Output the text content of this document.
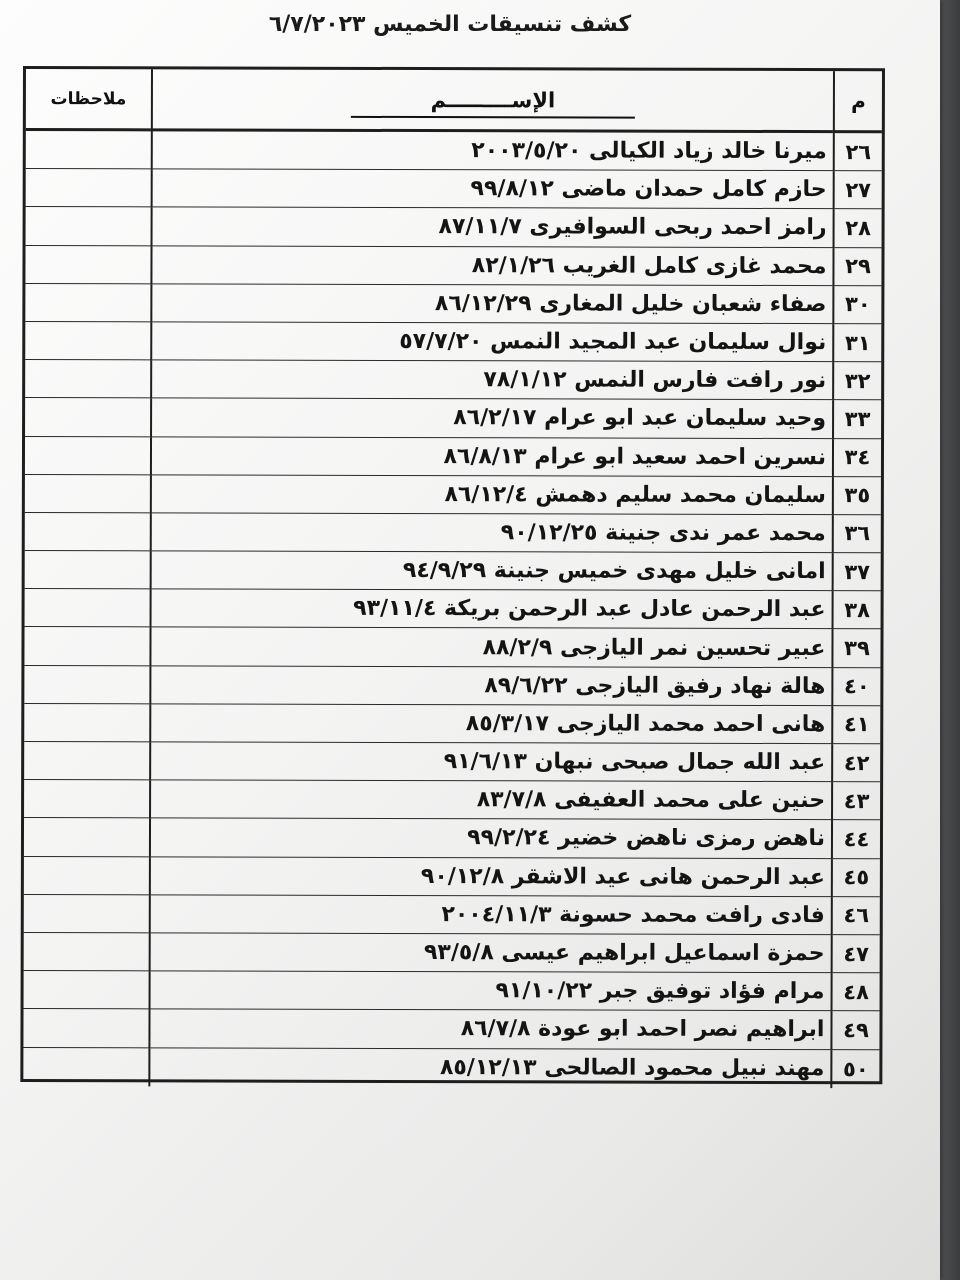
كشف تنسيقات الخميس ٦/٧/٢٠٢٣
م
الإســـــــــم
ملاحظات
٢٦
ميرنا خالد زياد الكيالى ٢٠٠٣/٥/٢٠
٢٧
حازم كامل حمدان ماضى ٩٩/٨/١٢
٢٨
رامز احمد ربحى السوافيرى ٨٧/١١/٧
٢٩
محمد غازى كامل الغريب ٨٢/١/٢٦
٣٠
صفاء شعبان خليل المغارى ٨٦/١٢/٢٩
٣١
نوال سليمان عبد المجيد النمس ٥٧/٧/٢٠
٣٢
نور رافت فارس النمس ٧٨/١/١٢
٣٣
وحيد سليمان عبد ابو عرام ٨٦/٢/١٧
٣٤
نسرين احمد سعيد ابو عرام ٨٦/٨/١٣
٣٥
سليمان محمد سليم دهمش ٨٦/١٢/٤
٣٦
محمد عمر ندى جنينة ٩٠/١٢/٢٥
٣٧
امانى خليل مهدى خميس جنينة ٩٤/٩/٢٩
٣٨
عبد الرحمن عادل عبد الرحمن بريكة ٩٣/١١/٤
٣٩
عبير تحسين نمر اليازجى ٨٨/٢/٩
٤٠
هالة نهاد رفيق اليازجى ٨٩/٦/٢٢
٤١
هانى احمد محمد اليازجى ٨٥/٣/١٧
٤٢
عبد الله جمال صبحى نبهان ٩١/٦/١٣
٤٣
حنين على محمد العفيفى ٨٣/٧/٨
٤٤
ناهض رمزى ناهض خضير ٩٩/٢/٢٤
٤٥
عبد الرحمن هانى عيد الاشقر ٩٠/١٢/٨
٤٦
فادى رافت محمد حسونة ٢٠٠٤/١١/٣
٤٧
حمزة اسماعيل ابراهيم عيسى ٩٣/٥/٨
٤٨
مرام فؤاد توفيق جبر ٩١/١٠/٢٢
٤٩
ابراهيم نصر احمد ابو عودة ٨٦/٧/٨
٥٠
مهند نبيل محمود الصالحى ٨٥/١٢/١٣
